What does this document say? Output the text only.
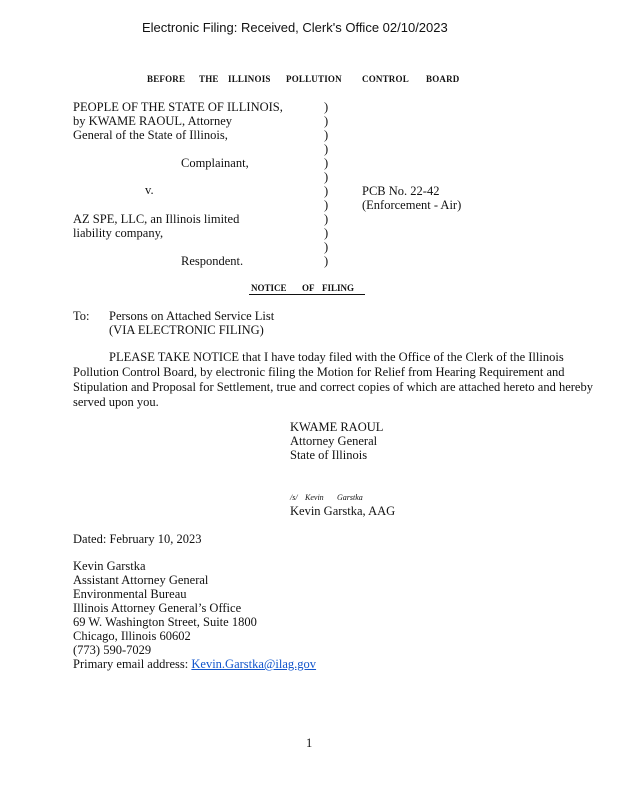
Electronic Filing: Received, Clerk's Office 02/10/2023
BEFORE THE ILLINOIS POLLUTION CONTROL BOARD
PEOPLE OF THE STATE OF ILLINOIS,
by KWAME RAOUL, Attorney
General of the State of Illinois,
Complainant,
v.
AZ SPE, LLC, an Illinois limited
liability company,
Respondent.
)
)
)
)
)
)
)
)
)
)
)
)
PCB No. 22-42
(Enforcement - Air)
NOTICE OF FILING
To: Persons on Attached Service List
(VIA ELECTRONIC FILING)
PLEASE TAKE NOTICE that I have today filed with the Office of the Clerk of the Illinois Pollution Control Board, by electronic filing the Motion for Relief from Hearing Requirement and Stipulation and Proposal for Settlement, true and correct copies of which are attached hereto and hereby served upon you.
KWAME RAOUL
Attorney General
State of Illinois
/s/ Kevin Garstka
Kevin Garstka, AAG
Dated: February 10, 2023
Kevin Garstka
Assistant Attorney General
Environmental Bureau
Illinois Attorney General’s Office
69 W. Washington Street, Suite 1800
Chicago, Illinois 60602
(773) 590-7029
Primary email address: Kevin.Garstka@ilag.gov
1
